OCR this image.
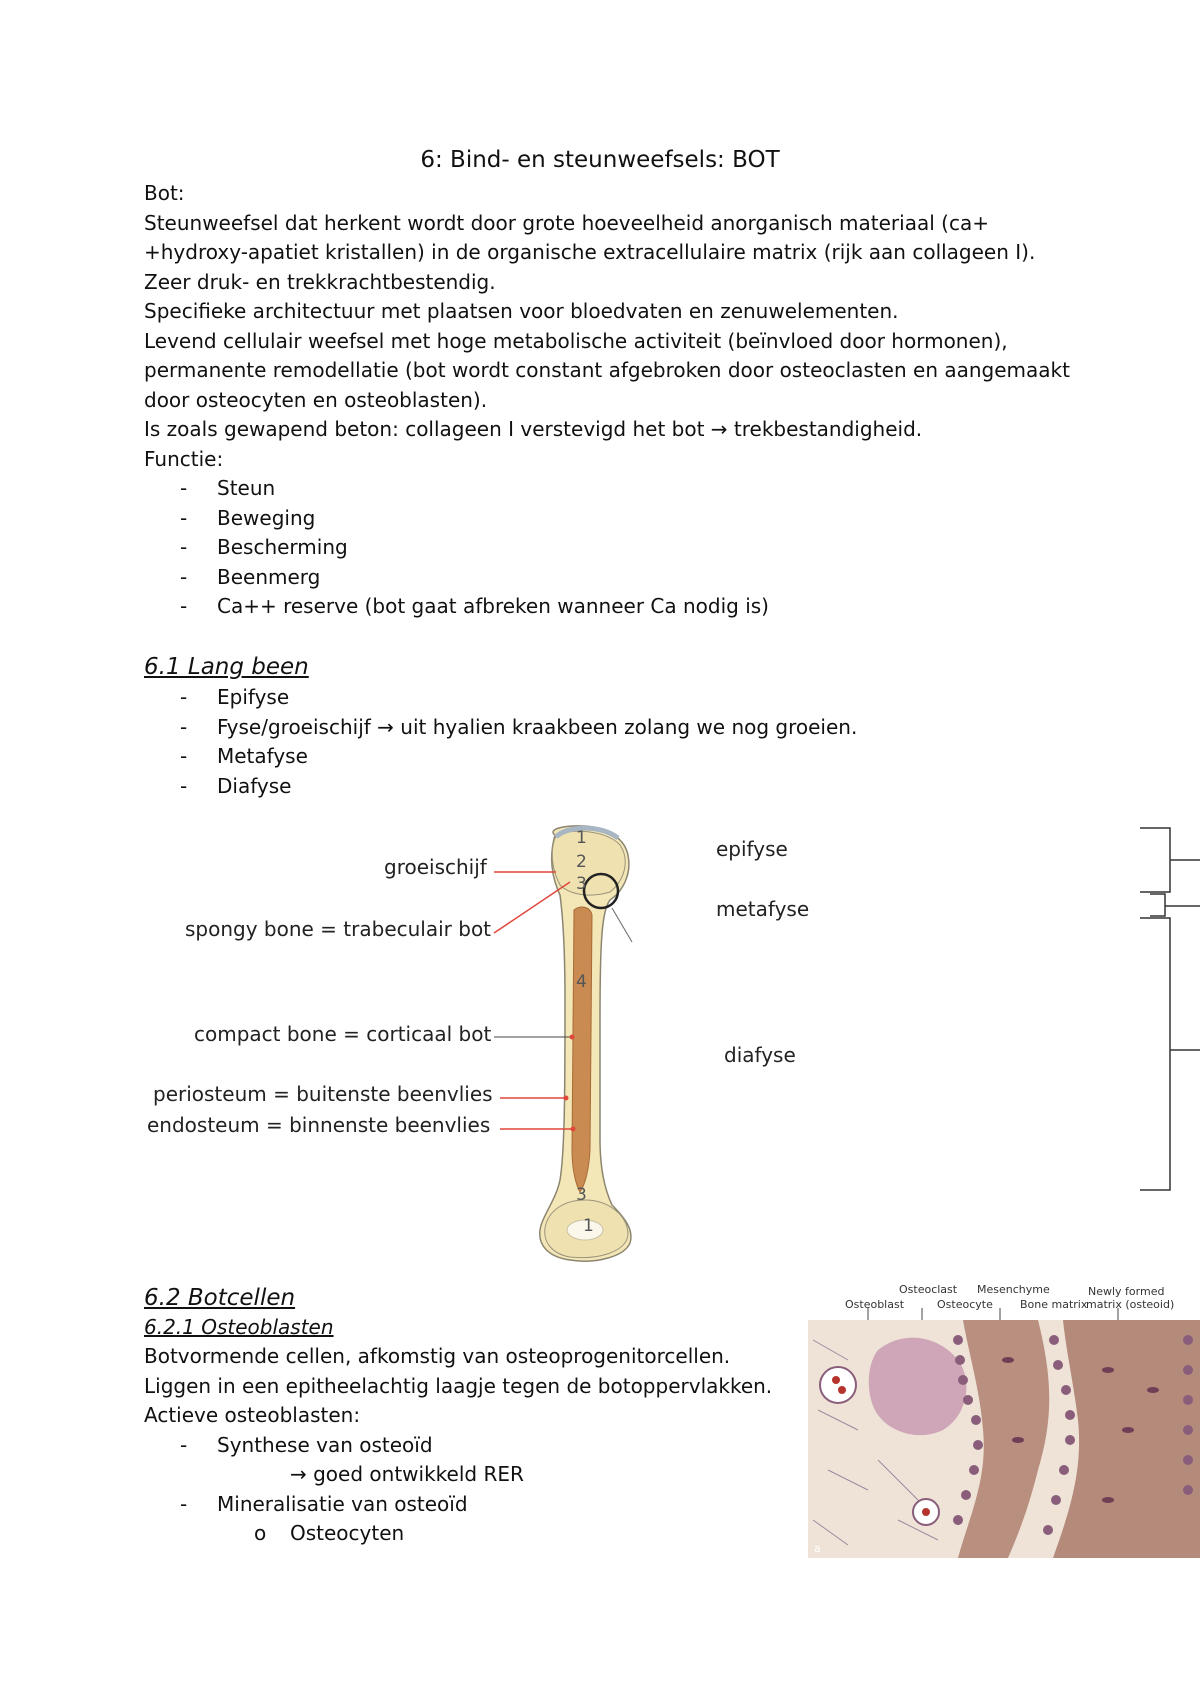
6: Bind- en steunweefsels: BOT

Bot:

Steunweefsel dat herkent wordt door grote hoeveelheid anorganisch materiaal (ca+

+hydroxy-apatiet kristallen) in de organische extracellulaire matrix (rijk aan collageen I).

Zeer druk- en trekkrachtbestendig.

Specifieke architectuur met plaatsen voor bloedvaten en zenuwelementen.

Levend cellulair weefsel met hoge metabolische activiteit (beïnvloed door hormonen),

permanente remodellatie (bot wordt constant afgebroken door osteoclasten en aangemaakt

door osteocyten en osteoblasten).

Is zoals gewapend beton: collageen I verstevigd het bot → trekbestandigheid.

Functie:

- Steun
- Beweging
- Bescherming
- Beenmerg
- Ca++ reserve (bot gaat afbreken wanneer Ca nodig is)
6.1 Lang been
- Epifyse
- Fyse/groeischijf → uit hyalien kraakbeen zolang we nog groeien.
- Metafyse
- Diafyse
groeischijf
spongy bone = trabeculair bot
compact bone = corticaal bot
periosteum = buitenste beenvlies
endosteum = binnenste beenvlies
1
2
3
4
3
1
epifyse
metafyse
diafyse
6.2 Botcellen
6.2.1 Osteoblasten

Botvormende cellen, afkomstig van osteoprogenitorcellen.

Liggen in een epitheelachtig laagje tegen de botoppervlakken.

Actieve osteoblasten:

- Synthese van osteoïd
→ goed ontwikkeld RER
- Mineralisatie van osteoïd
o Osteocyten
Osteoclast Mesenchyme	Newly formed
Osteoblast	Osteocyte Bone matrix
matrix (osteoid)
a
